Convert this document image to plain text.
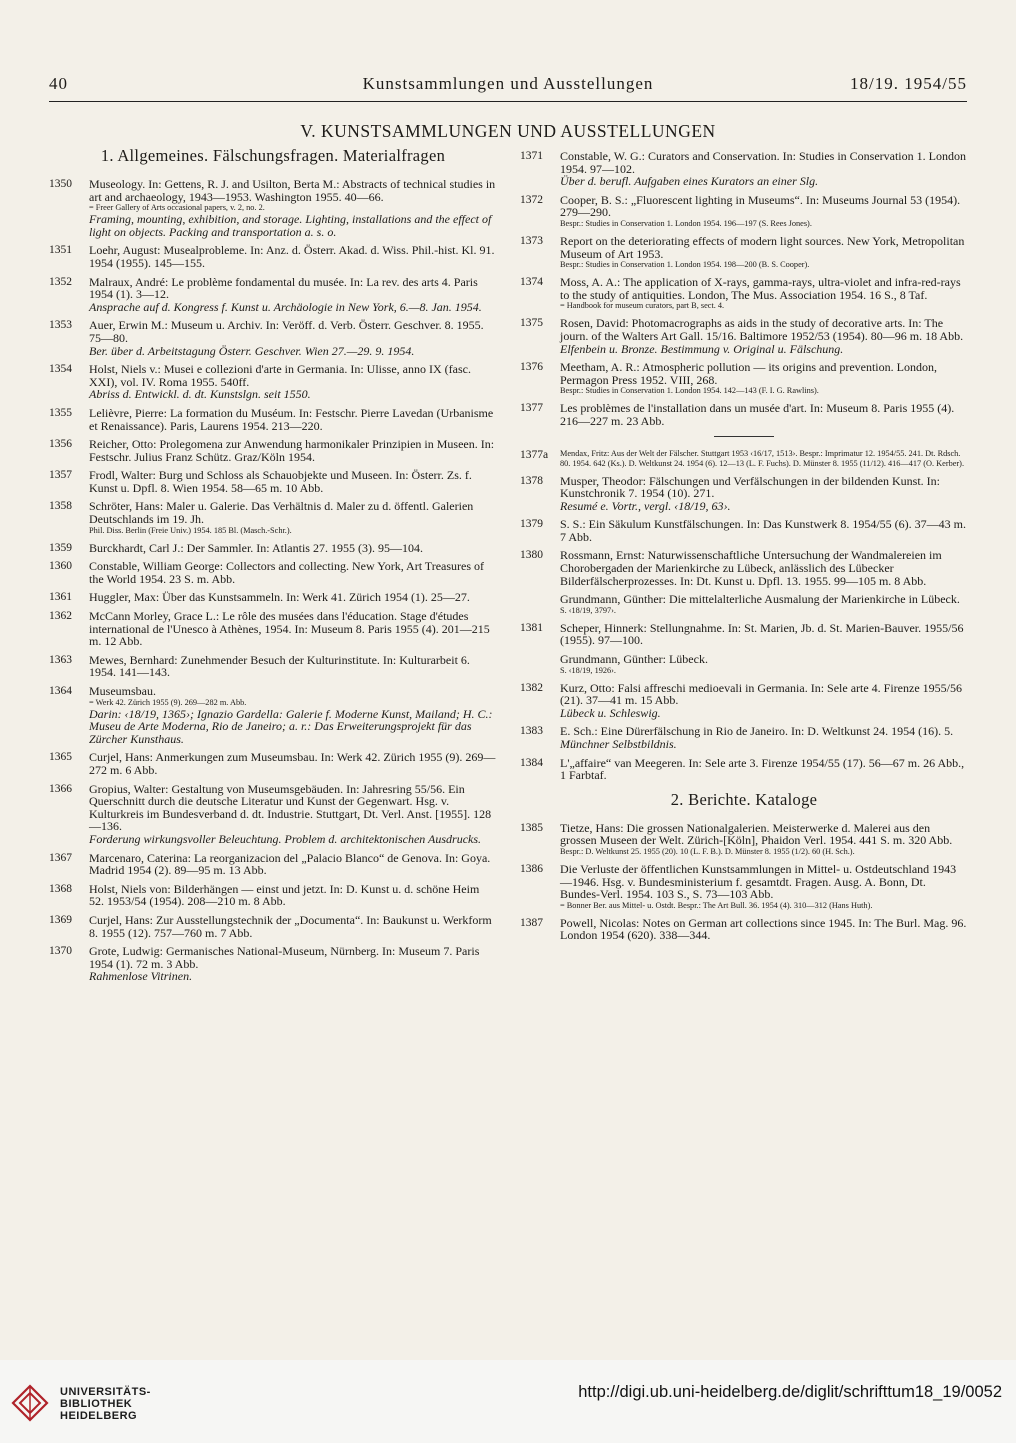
40	Kunstsammlungen und Ausstellungen	18/19. 1954/55
V. KUNSTSAMMLUNGEN UND AUSSTELLUNGEN
1. Allgemeines. Fälschungsfragen. Materialfragen
1350 Museology. In: Gettens, R. J. and Usilton, Berta M.: Abstracts of technical studies in art and archaeology, 1943—1953. Washington 1955. 40—66.
= Freer Gallery of Arts occasional papers, v. 2, no. 2.
Framing, mounting, exhibition, and storage. Lighting, installations and the effect of light on objects. Packing and transportation a. s. o.
1351 Loehr, August: Musealprobleme. In: Anz. d. Österr. Akad. d. Wiss. Phil.-hist. Kl. 91. 1954 (1955). 145—155.
1352 Malraux, André: Le problème fondamental du musée. In: La rev. des arts 4. Paris 1954 (1). 3—12.
Ansprache auf d. Kongress f. Kunst u. Archäologie in New York, 6.—8. Jan. 1954.
1353 Auer, Erwin M.: Museum u. Archiv. In: Veröff. d. Verb. Österr. Geschver. 8. 1955. 75—80.
Ber. über d. Arbeitstagung Österr. Geschver. Wien 27.—29. 9. 1954.
1354 Holst, Niels v.: Musei e collezioni d'arte in Germania. In: Ulisse, anno IX (fasc. XXI), vol. IV. Roma 1955. 540ff.
Abriss d. Entwickl. d. dt. Kunstslgn. seit 1550.
1355 Lelièvre, Pierre: La formation du Muséum. In: Festschr. Pierre Lavedan (Urbanisme et Renaissance). Paris, Laurens 1954. 213—220.
1356 Reicher, Otto: Prolegomena zur Anwendung harmonikaler Prinzipien in Museen. In: Festschr. Julius Franz Schütz. Graz/Köln 1954.
1357 Frodl, Walter: Burg und Schloss als Schauobjekte und Museen. In: Österr. Zs. f. Kunst u. Dpfl. 8. Wien 1954. 58—65 m. 10 Abb.
1358 Schröter, Hans: Maler u. Galerie. Das Verhältnis d. Maler zu d. öffentl. Galerien Deutschlands im 19. Jh.
Phil. Diss. Berlin (Freie Univ.) 1954. 185 Bl. (Masch.-Schr.).
1359 Burckhardt, Carl J.: Der Sammler. In: Atlantis 27. 1955 (3). 95—104.
1360 Constable, William George: Collectors and collecting. New York, Art Treasures of the World 1954. 23 S. m. Abb.
1361 Huggler, Max: Über das Kunstsammeln. In: Werk 41. Zürich 1954 (1). 25—27.
1362 McCann Morley, Grace L.: Le rôle des musées dans l'éducation. Stage d'études international de l'Unesco à Athènes, 1954. In: Museum 8. Paris 1955 (4). 201—215 m. 12 Abb.
1363 Mewes, Bernhard: Zunehmender Besuch der Kulturinstitute. In: Kulturarbeit 6. 1954. 141—143.
1364 Museumsbau.
= Werk 42. Zürich 1955 (9). 269—282 m. Abb.
Darin: ‹18/19, 1365›; Ignazio Gardella: Galerie f. Moderne Kunst, Mailand; H. C.: Museu de Arte Moderna, Rio de Janeiro; a. r.: Das Erweiterungsprojekt für das Zürcher Kunsthaus.
1365 Curjel, Hans: Anmerkungen zum Museumsbau. In: Werk 42. Zürich 1955 (9). 269—272 m. 6 Abb.
1366 Gropius, Walter: Gestaltung von Museumsgebäuden. In: Jahresring 55/56. Ein Querschnitt durch die deutsche Literatur und Kunst der Gegenwart. Hsg. v. Kulturkreis im Bundesverband d. dt. Industrie. Stuttgart, Dt. Verl. Anst. [1955]. 128—136.
Forderung wirkungsvoller Beleuchtung. Problem d. architektonischen Ausdrucks.
1367 Marcenaro, Caterina: La reorganizacion del „Palacio Blanco“ de Genova. In: Goya. Madrid 1954 (2). 89—95 m. 13 Abb.
1368 Holst, Niels von: Bilderhängen — einst und jetzt. In: D. Kunst u. d. schöne Heim 52. 1953/54 (1954). 208—210 m. 8 Abb.
1369 Curjel, Hans: Zur Ausstellungstechnik der „Documenta“. In: Baukunst u. Werkform 8. 1955 (12). 757—760 m. 7 Abb.
1370 Grote, Ludwig: Germanisches National-Museum, Nürnberg. In: Museum 7. Paris 1954 (1). 72 m. 3 Abb.
Rahmenlose Vitrinen.
1371 Constable, W. G.: Curators and Conservation. In: Studies in Conservation 1. London 1954. 97—102.
Über d. berufl. Aufgaben eines Kurators an einer Slg.
1372 Cooper, B. S.: „Fluorescent lighting in Museums“. In: Museums Journal 53 (1954). 279—290.
Bespr.: Studies in Conservation 1. London 1954. 196—197 (S. Rees Jones).
1373 Report on the deteriorating effects of modern light sources. New York, Metropolitan Museum of Art 1953.
Bespr.: Studies in Conservation 1. London 1954. 198—200 (B. S. Cooper).
1374 Moss, A. A.: The application of X-rays, gamma-rays, ultra-violet and infra-red-rays to the study of antiquities. London, The Mus. Association 1954. 16 S., 8 Taf.
= Handbook for museum curators, part B, sect. 4.
1375 Rosen, David: Photomacrographs as aids in the study of decorative arts. In: The journ. of the Walters Art Gall. 15/16. Baltimore 1952/53 (1954). 80—96 m. 18 Abb.
Elfenbein u. Bronze. Bestimmung v. Original u. Fälschung.
1376 Meetham, A. R.: Atmospheric pollution — its origins and prevention. London, Permagon Press 1952. VIII, 268.
Bespr.: Studies in Conservation 1. London 1954. 142—143 (F. I. G. Rawlins).
1377 Les problèmes de l'installation dans un musée d'art. In: Museum 8. Paris 1955 (4). 216—227 m. 23 Abb.
1377a Mendax, Fritz: Aus der Welt der Fälscher. Stuttgart 1953 ‹16/17, 1513›. Bespr.: Imprimatur 12. 1954/55. 241. Dt. Rdsch. 80. 1954. 642 (Ks.). D. Weltkunst 24. 1954 (6). 12—13 (L. F. Fuchs). D. Münster 8. 1955 (11/12). 416—417 (O. Kerber).
1378 Musper, Theodor: Fälschungen und Verfälschungen in der bildenden Kunst. In: Kunstchronik 7. 1954 (10). 271.
Resumé e. Vortr., vergl. ‹18/19, 63›.
1379 S. S.: Ein Säkulum Kunstfälschungen. In: Das Kunstwerk 8. 1954/55 (6). 37—43 m. 7 Abb.
1380 Rossmann, Ernst: Naturwissenschaftliche Untersuchung der Wandmalereien im Chorobergaden der Marienkirche zu Lübeck, anlässlich des Lübecker Bilderfälscherprozesses. In: Dt. Kunst u. Dpfl. 13. 1955. 99—105 m. 8 Abb.
Grundmann, Günther: Die mittelalterliche Ausmalung der Marienkirche in Lübeck.
S. ‹18/19, 3797›.
1381 Scheper, Hinnerk: Stellungnahme. In: St. Marien, Jb. d. St. Marien-Bauver. 1955/56 (1955). 97—100.
Grundmann, Günther: Lübeck.
S. ‹18/19, 1926›.
1382 Kurz, Otto: Falsi affreschi medioevali in Germania. In: Sele arte 4. Firenze 1955/56 (21). 37—41 m. 15 Abb.
Lübeck u. Schleswig.
1383 E. Sch.: Eine Dürerfälschung in Rio de Janeiro. In: D. Weltkunst 24. 1954 (16). 5.
Münchner Selbstbildnis.
1384 L'„affaire“ van Meegeren. In: Sele arte 3. Firenze 1954/55 (17). 56—67 m. 26 Abb., 1 Farbtaf.
2. Berichte. Kataloge
1385 Tietze, Hans: Die grossen Nationalgalerien. Meisterwerke d. Malerei aus den grossen Museen der Welt. Zürich-[Köln], Phaidon Verl. 1954. 441 S. m. 320 Abb.
Bespr.: D. Weltkunst 25. 1955 (20). 10 (L. F. B.). D. Münster 8. 1955 (1/2). 60 (H. Sch.).
1386 Die Verluste der öffentlichen Kunstsammlungen in Mittel- u. Ostdeutschland 1943—1946. Hsg. v. Bundesministerium f. gesamtdt. Fragen. Ausg. A. Bonn, Dt. Bundes-Verl. 1954. 103 S., S. 73—103 Abb.
= Bonner Ber. aus Mittel- u. Ostdt. Bespr.: The Art Bull. 36. 1954 (4). 310—312 (Hans Huth).
1387 Powell, Nicolas: Notes on German art collections since 1945. In: The Burl. Mag. 96. London 1954 (620). 338—344.
UNIVERSITÄTS-
BIBLIOTHEK
HEIDELBERG
http://digi.ub.uni-heidelberg.de/diglit/schrifttum18_19/0052
